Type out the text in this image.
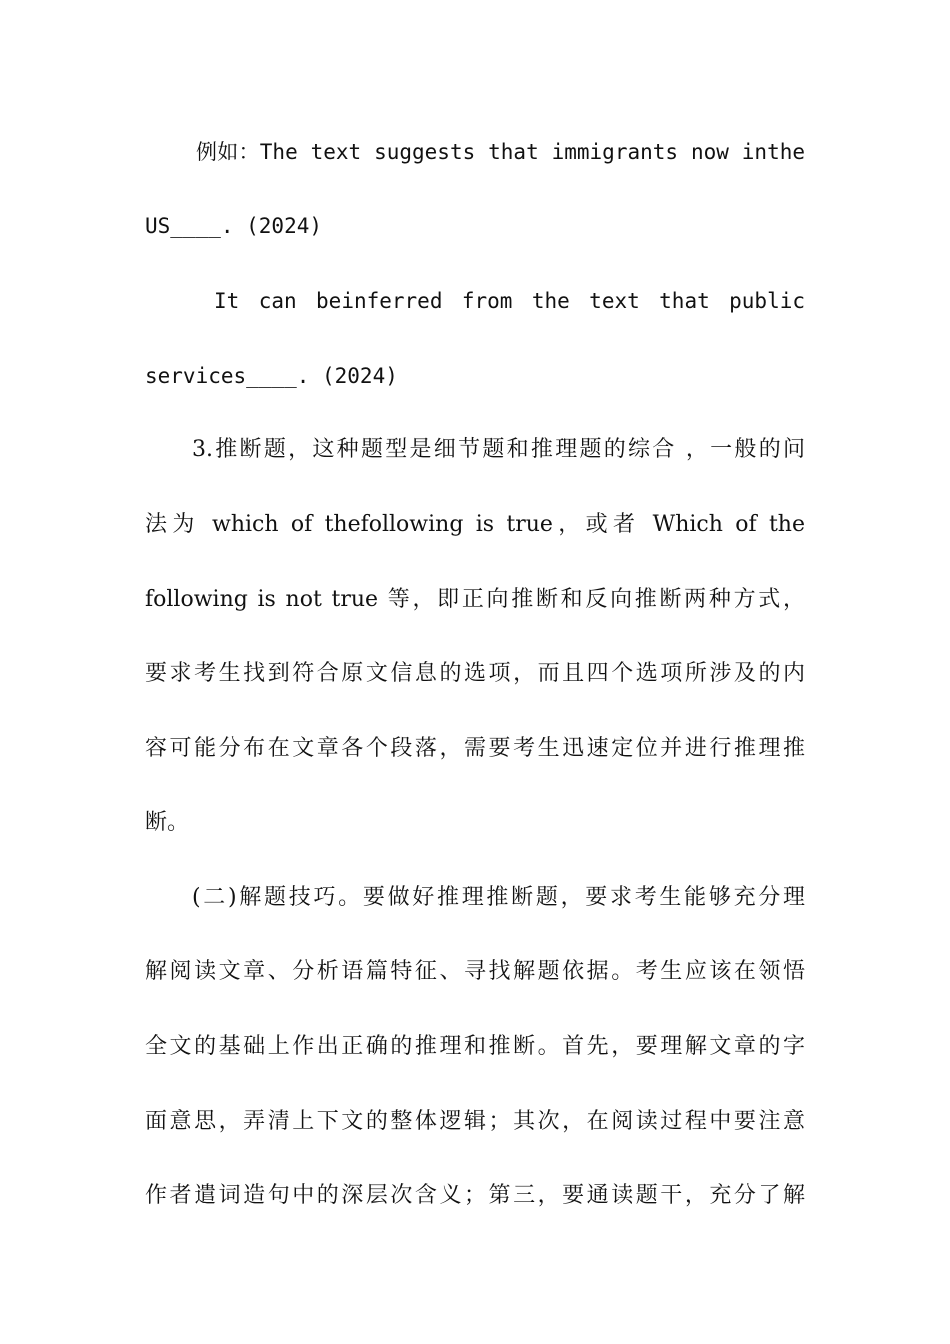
例如：The text suggests that immigrants now inthe
US____. (2024)
It can beinferred from the text that public
services____. (2024)
3.推断题，这种题型是细节题和推理题的综合 ，一般的问
法为 which of thefollowing is true，或者 Which of the
following is not true 等，即正向推断和反向推断两种方式，
要求考生找到符合原文信息的选项，而且四个选项所涉及的内
容可能分布在文章各个段落，需要考生迅速定位并进行推理推
断。
(二)解题技巧。要做好推理推断题，要求考生能够充分理
解阅读文章、分析语篇特征、寻找解题依据。考生应该在领悟
全文的基础上作出正确的推理和推断。首先，要理解文章的字
面意思，弄清上下文的整体逻辑；其次，在阅读过程中要注意
作者遣词造句中的深层次含义；第三，要通读题干，充分了解
